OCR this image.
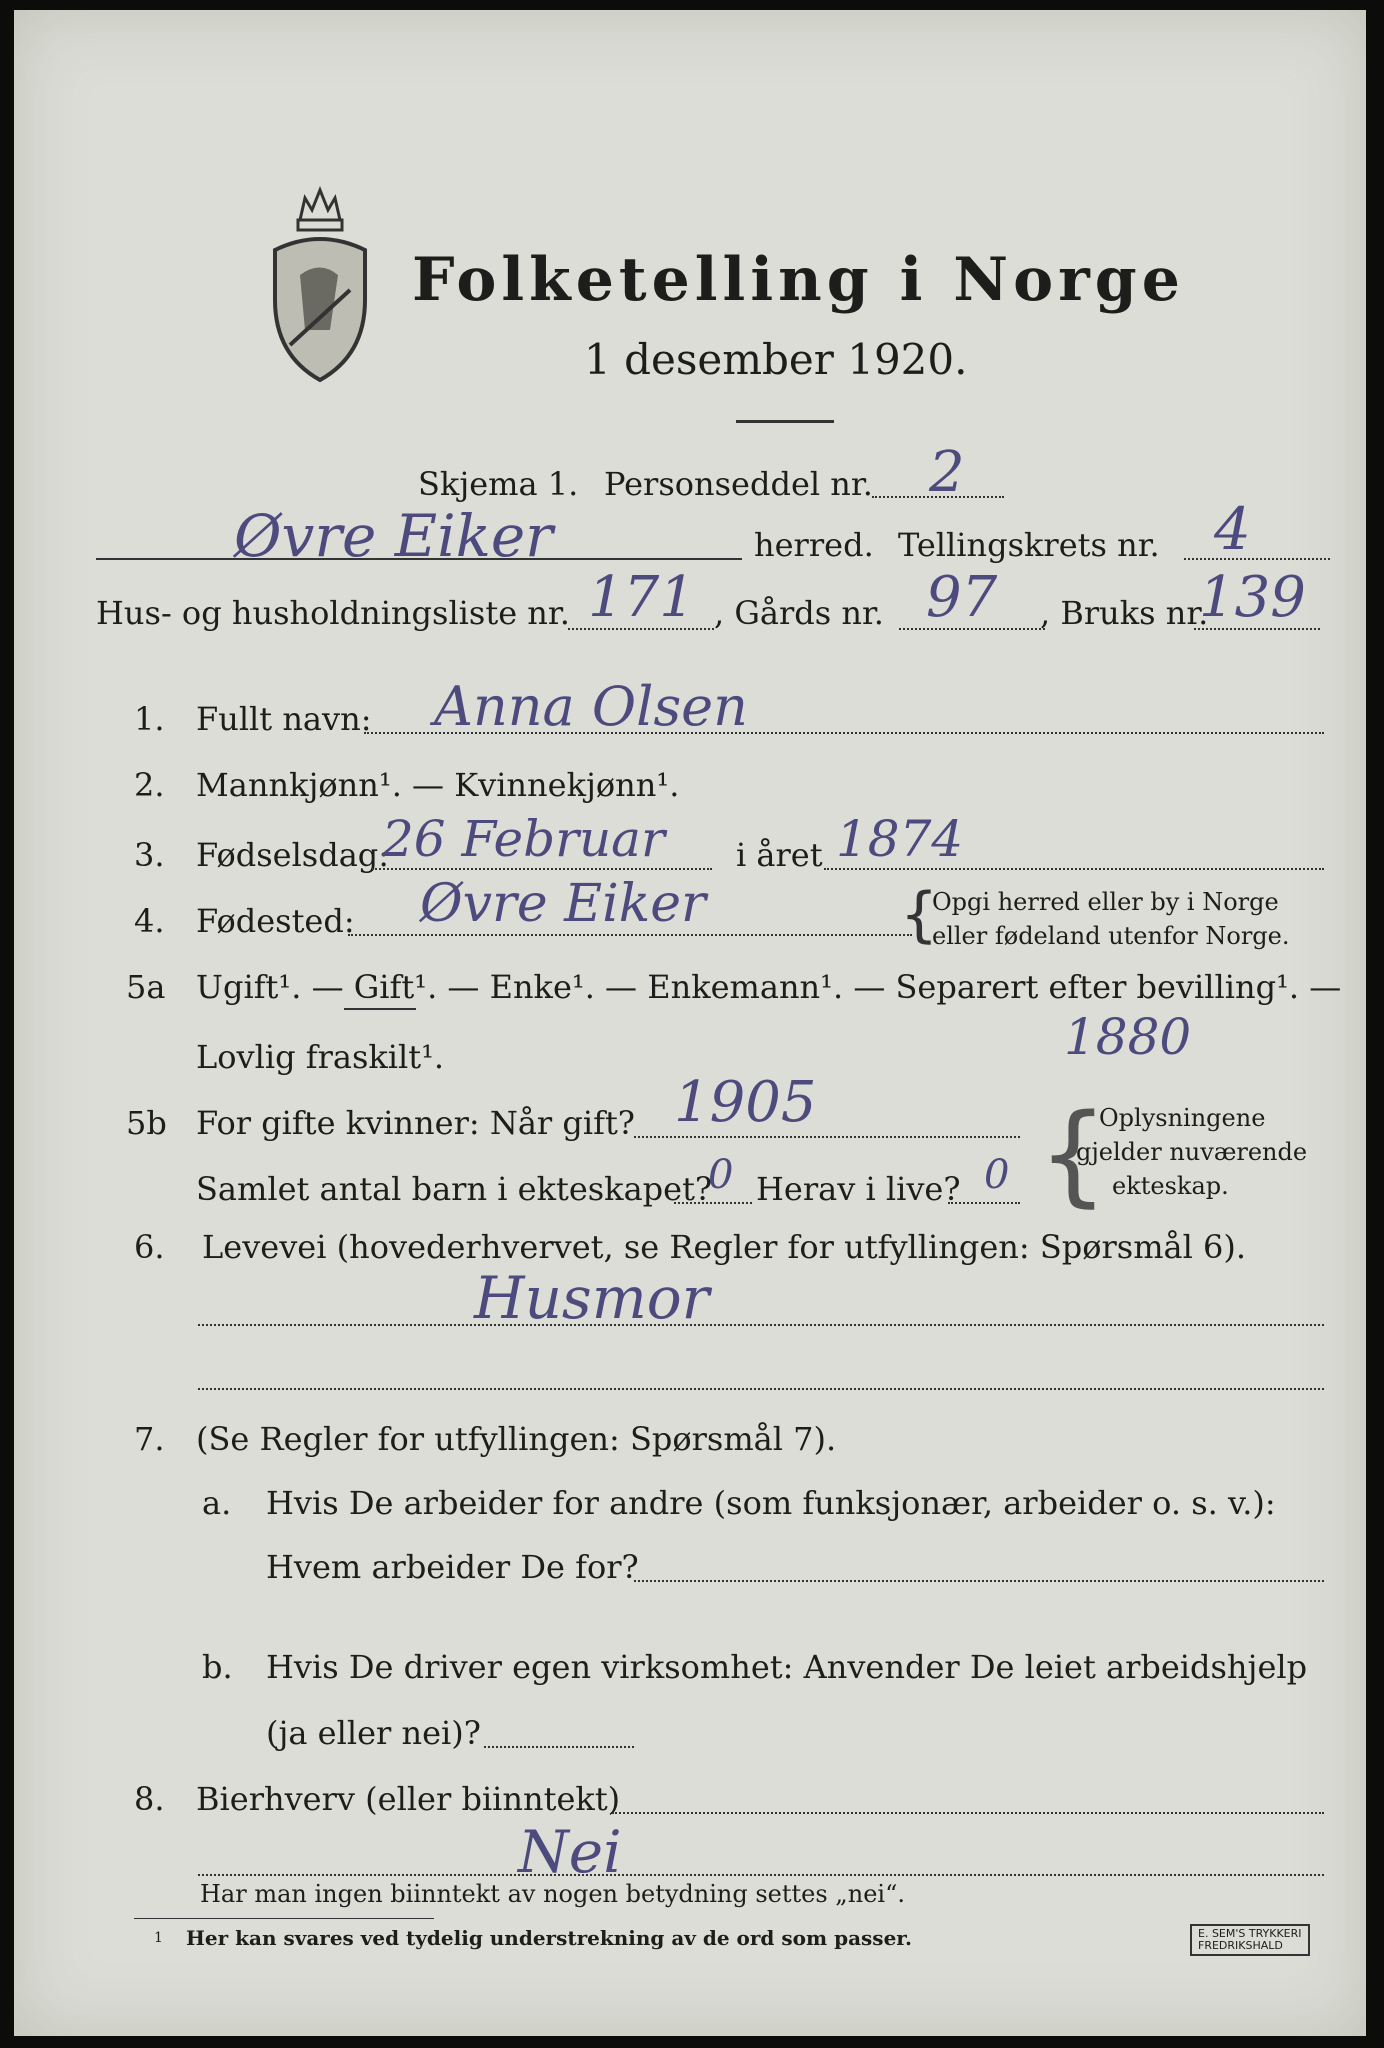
Folketelling i Norge
1 desember 1920.
Skjema 1. Personseddel nr. 2
Øvre Eiker	herred. Tellingskrets nr. 4
Hus- og husholdningsliste nr. 171 , Gårds nr. 97 , Bruks nr.
139
1. Fullt navn: Anna Olsen
2. Mannkjønn¹. — Kvinnekjønn¹.
3. Fødselsdag:
26 Februar i året 1874
4. Fødested: Øvre Eiker	{
Opgi herred eller by i Norge
eller fødeland utenfor Norge.
5a Ugift¹. — Gift¹. — Enke¹. — Enkemann¹. — Separert efter bevilling¹. —
Lovlig fraskilt¹.	1880
5b For gifte kvinner: Når gift? 1905
Samlet antal barn i ekteskapet?
0 Herav i live? 0 {
Oplysningene
gjelder nuværende
ekteskap.
6. Levevei (hovederhvervet, se Regler for utfyllingen: Spørsmål 6).
Husmor
7. (Se Regler for utfyllingen: Spørsmål 7).
a. Hvis De arbeider for andre (som funksjonær, arbeider o. s. v.):
Hvem arbeider De for?
b. Hvis De driver egen virksomhet: Anvender De leiet arbeidshjelp
(ja eller nei)?
8. Bierhverv (eller biinntekt)
Nei
Har man ingen biinntekt av nogen betydning settes „nei“.
1 Her kan svares ved tydelig understrekning av de ord som passer.	E. SEM'S TRYKKERI
FREDRIKSHALD
